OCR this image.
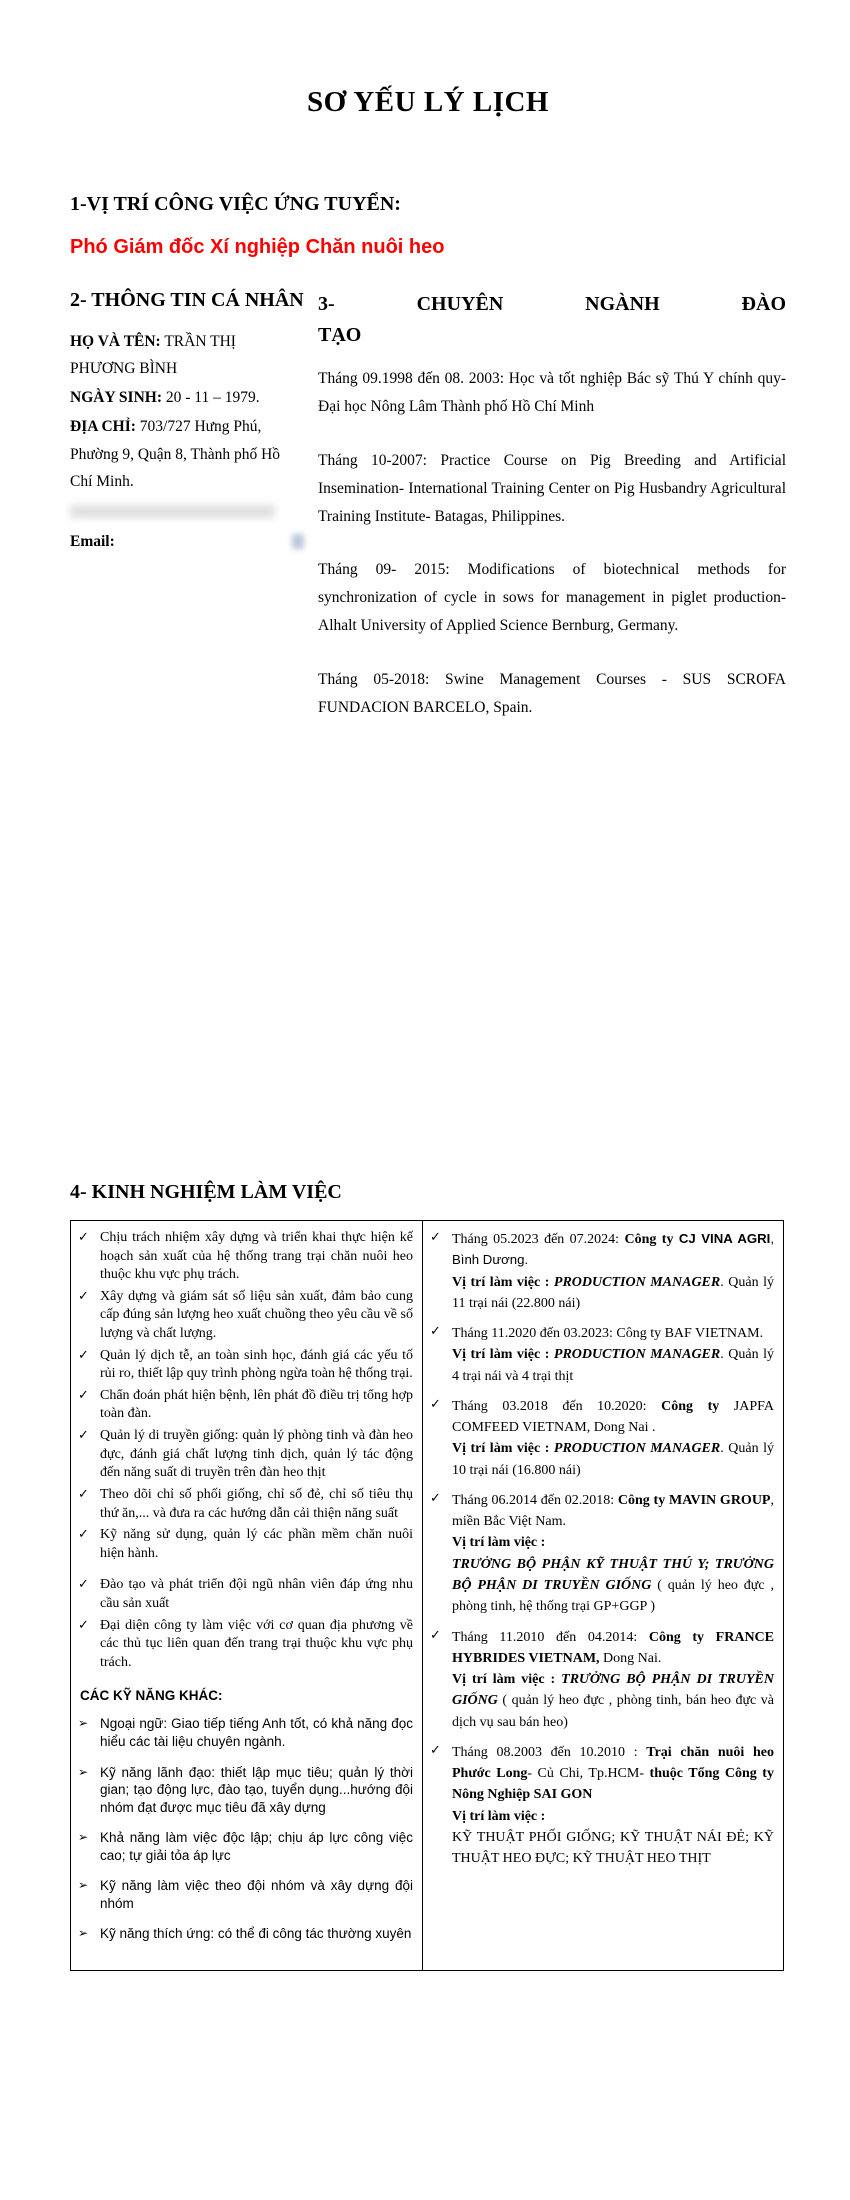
SƠ YẾU LÝ LỊCH
1-VỊ TRÍ CÔNG VIỆC ỨNG TUYỂN:
Phó Giám đốc Xí nghiệp Chăn nuôi heo
2- THÔNG TIN CÁ NHÂN

HỌ VÀ TÊN: TRẦN THỊ PHƯƠNG BÌNH

NGÀY SINH: 20 - 11 – 1979.

ĐỊA CHỈ: 703/727 Hưng Phú, Phường 9, Quận 8, Thành phố Hồ Chí Minh.

Email:

3- CHUYÊN NGÀNH ĐÀO
TẠO

Tháng 09.1998 đến 08. 2003: Học và tốt nghiệp Bác sỹ Thú Y chính quy- Đại học Nông Lâm Thành phố Hồ Chí Minh

Tháng 10-2007: Practice Course on Pig Breeding and Artificial Insemination- International Training Center on Pig Husbandry Agricultural Training Institute- Batagas, Philippines.

Tháng 09- 2015: Modifications of biotechnical methods for synchronization of cycle in sows for management in piglet production- Alhalt University of Applied Science Bernburg, Germany.

Tháng 05-2018: Swine Management Courses - SUS SCROFA FUNDACION BARCELO, Spain.

4- KINH NGHIỆM LÀM VIỆC
✓ Chịu trách nhiệm xây dựng và triển khai thực hiện kế hoạch sản xuất của hệ thống trang trại chăn nuôi heo thuộc khu vực phụ trách.
✓ Xây dựng và giám sát số liệu sản xuất, đảm bảo cung cấp đúng sản lượng heo xuất chuồng theo yêu cầu về số lượng và chất lượng.
✓ Quản lý dịch tễ, an toàn sinh học, đánh giá các yếu tố rủi ro, thiết lập quy trình phòng ngừa toàn hệ thống trại.
✓ Chẩn đoán phát hiện bệnh, lên phát đồ điều trị tổng hợp toàn đàn.
✓ Quản lý di truyền giống: quản lý phòng tinh và đàn heo đực, đánh giá chất lượng tinh dịch, quản lý tác động đến năng suất di truyền trên đàn heo thịt
✓ Theo dõi chỉ số phối giống, chỉ số đẻ, chỉ số tiêu thụ thứ ăn,... và đưa ra các hướng dẫn cải thiện năng suất
✓ Kỹ năng sử dụng, quản lý các phần mềm chăn nuôi hiện hành.
✓ Đào tạo và phát triển đội ngũ nhân viên đáp ứng nhu cầu sản xuất
✓ Đại diện công ty làm việc với cơ quan địa phương về các thủ tục liên quan đến trang trại thuộc khu vực phụ trách.
CÁC KỸ NĂNG KHÁC:
➢ Ngoại ngữ: Giao tiếp tiếng Anh tốt, có khả năng đọc hiểu các tài liệu chuyên ngành.
➢ Kỹ năng lãnh đạo: thiết lập mục tiêu; quản lý thời gian; tạo động lực, đào tạo, tuyển dụng...hướng đội nhóm đạt được mục tiêu đã xây dựng
➢ Khả năng làm việc độc lập; chịu áp lực công việc cao; tự giải tỏa áp lực
➢ Kỹ năng làm việc theo đội nhóm và xây dựng đội nhóm
➢ Kỹ năng thích ứng: có thể đi công tác thường xuyên
✓ Tháng 05.2023 đến 07.2024: Công ty CJ VINA AGRI, Bình Dương.
Vị trí làm việc : PRODUCTION MANAGER. Quản lý 11 trại nái (22.800 nái)
✓ Tháng 11.2020 đến 03.2023: Công ty BAF VIETNAM.
Vị trí làm việc : PRODUCTION MANAGER. Quản lý 4 trại nái và 4 trại thịt
✓ Tháng 03.2018 đến 10.2020: Công ty JAPFA COMFEED VIETNAM, Dong Nai .
Vị trí làm việc : PRODUCTION MANAGER. Quản lý 10 trại nái (16.800 nái)
✓ Tháng 06.2014 đến 02.2018: Công ty MAVIN GROUP, miền Bắc Việt Nam.
Vị trí làm việc :
TRƯỞNG BỘ PHẬN KỸ THUẬT THÚ Y; TRƯỞNG BỘ PHẬN DI TRUYỀN GIỐNG ( quản lý heo đực , phòng tinh, hệ thống trại GP+GGP )
✓ Tháng 11.2010 đến 04.2014: Công ty FRANCE HYBRIDES VIETNAM, Dong Nai.
Vị trí làm việc : TRƯỞNG BỘ PHẬN DI TRUYỀN GIỐNG ( quản lý heo đực , phòng tinh, bán heo đực và dịch vụ sau bán heo)
✓ Tháng 08.2003 đến 10.2010 : Trại chăn nuôi heo Phước Long- Củ Chi, Tp.HCM- thuộc Tổng Công ty Nông Nghiệp SAI GON
Vị trí làm việc :
KỸ THUẬT PHỐI GIỐNG; KỸ THUẬT NÁI ĐẺ; KỸ THUẬT HEO ĐỰC; KỸ THUẬT HEO THỊT
